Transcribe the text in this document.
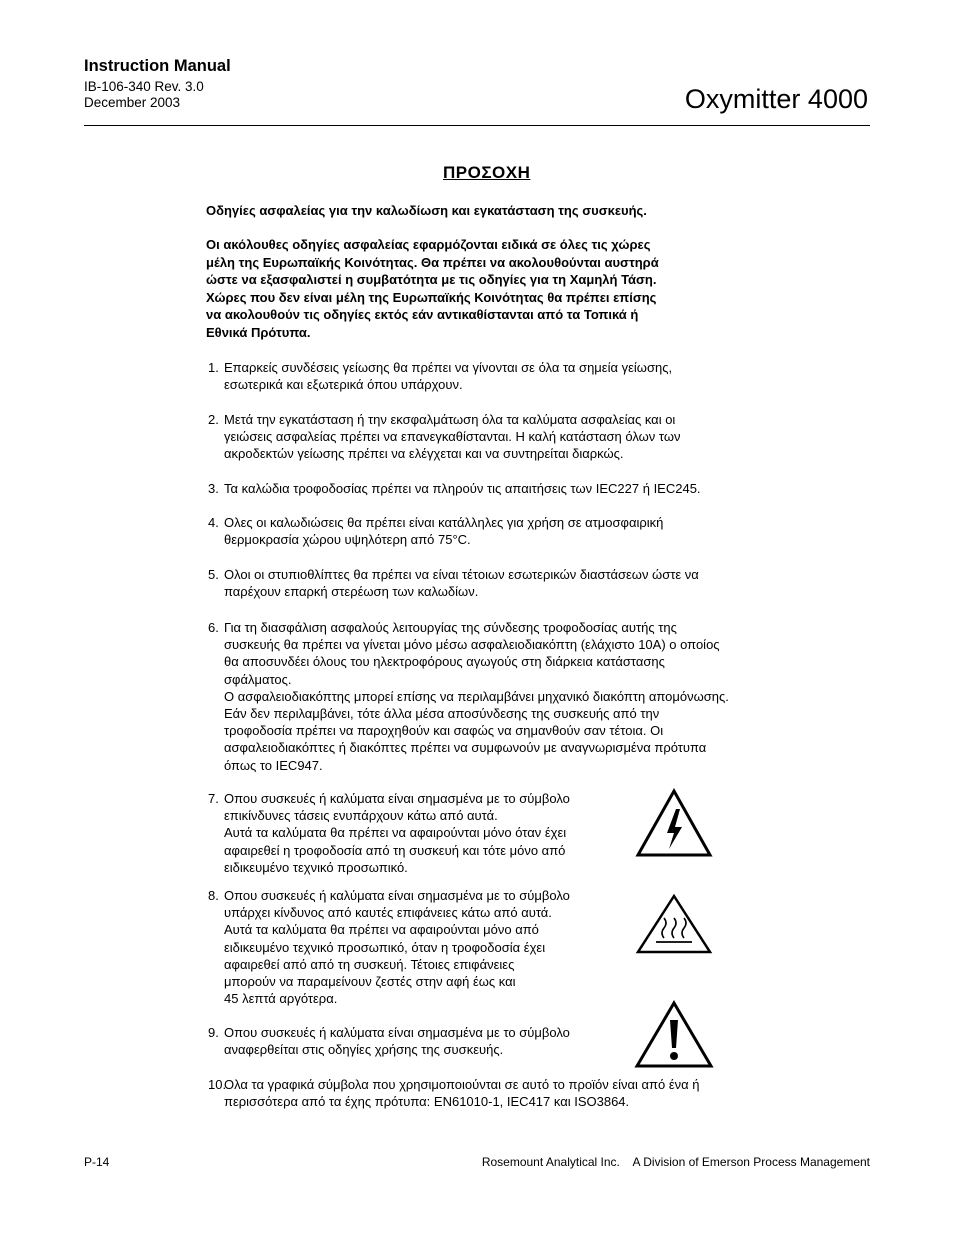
Instruction Manual
IB-106-340 Rev. 3.0
December 2003	Oxymitter 4000
ΠΡΟΣΟΧΗ
Οδηγίες ασφαλείας για την καλωδίωση και εγκατάσταση της συσκευής.
Οι ακόλουθες οδηγίες ασφαλείας εφαρμόζονται ειδικά σε όλες τις χώρες
μέλη της Ευρωπαϊκής Κοινότητας. Θα πρέπει να ακολουθούνται αυστηρά
ώστε να εξασφαλιστεί η συμβατότητα με τις οδηγίες για τη Χαμηλή Τάση.
Χώρες που δεν είναι μέλη της Ευρωπαϊκής Κοινότητας θα πρέπει επίσης
να ακολουθούν τις οδηγίες εκτός εάν αντικαθίστανται από τα Τοπικά ή
Εθνικά Πρότυπα.

1. Επαρκείς συνδέσεις γείωσης θα πρέπει να γίνονται σε όλα τα σημεία γείωσης,
εσωτερικά και εξωτερικά όπου υπάρχουν.

2. Μετά την εγκατάσταση ή την εκσφαλμάτωση όλα τα καλύματα ασφαλείας και οι
γειώσεις ασφαλείας πρέπει να επανεγκαθίστανται. Η καλή κατάσταση όλων των
ακροδεκτών γείωσης πρέπει να ελέγχεται και να συντηρείται διαρκώς.

3. Τα καλώδια τροφοδοσίας πρέπει να πληρούν τις απαιτήσεις των IEC227 ή IEC245.

4. Ολες οι καλωδιώσεις θα πρέπει είναι κατάλληλες για χρήση σε ατμοσφαιρική
θερμοκρασία χώρου υψηλότερη από 75°C.

5. Ολοι οι στυπιοθλίπτες θα πρέπει να είναι τέτοιων εσωτερικών διαστάσεων ώστε να
παρέχουν επαρκή στερέωση των καλωδίων.

6. Για τη διασφάλιση ασφαλούς λειτουργίας της σύνδεσης τροφοδοσίας αυτής της
συσκευής θα πρέπει να γίνεται μόνο μέσω ασφαλειοδιακόπτη (ελάχιστο 10A) ο οποίος
θα αποσυνδέει όλους του ηλεκτροφόρους αγωγούς στη διάρκεια κατάστασης
σφάλματος.
Ο ασφαλειοδιακόπτης μπορεί επίσης να περιλαμβάνει μηχανικό διακόπτη απομόνωσης.
Εάν δεν περιλαμβάνει, τότε άλλα μέσα αποσύνδεσης της συσκευής από την
τροφοδοσία πρέπει να παροχηθούν και σαφώς να σημανθούν σαν τέτοια. Οι
ασφαλειοδιακόπτες ή διακόπτες πρέπει να συμφωνούν με αναγνωρισμένα πρότυπα
όπως το IEC947.

7. Οπου συσκευές ή καλύματα είναι σημασμένα με το σύμβολο
επικίνδυνες τάσεις ενυπάρχουν κάτω από αυτά.
Αυτά τα καλύματα θα πρέπει να αφαιρούνται μόνο όταν έχει
αφαιρεθεί η τροφοδοσία από τη συσκευή και τότε μόνο από
ειδικευμένο τεχνικό προσωπικό.

8. Οπου συσκευές ή καλύματα είναι σημασμένα με το σύμβολο
υπάρχει κίνδυνος από καυτές επιφάνειες κάτω από αυτά.
Αυτά τα καλύματα θα πρέπει να αφαιρούνται μόνο από
ειδικευμένο τεχνικό προσωπικό, όταν η τροφοδοσία έχει
αφαιρεθεί από από τη συσκευή. Τέτοιες επιφάνειες
μπορούν να παραμείνουν ζεστές στην αφή έως και
45 λεπτά αργότερα.

9. Οπου συσκευές ή καλύματα είναι σημασμένα με το σύμβολο
αναφερθείται στις οδηγίες χρήσης της συσκευής.

10.

Ολα τα γραφικά σύμβολα που χρησιμοποιούνται σε αυτό το προϊόν είναι από ένα ή
περισσότερα από τα έχης πρότυπα: EN61010-1, IEC417 και ISO3864.

P-14	Rosemount Analytical Inc.    A Division of Emerson Process Management
